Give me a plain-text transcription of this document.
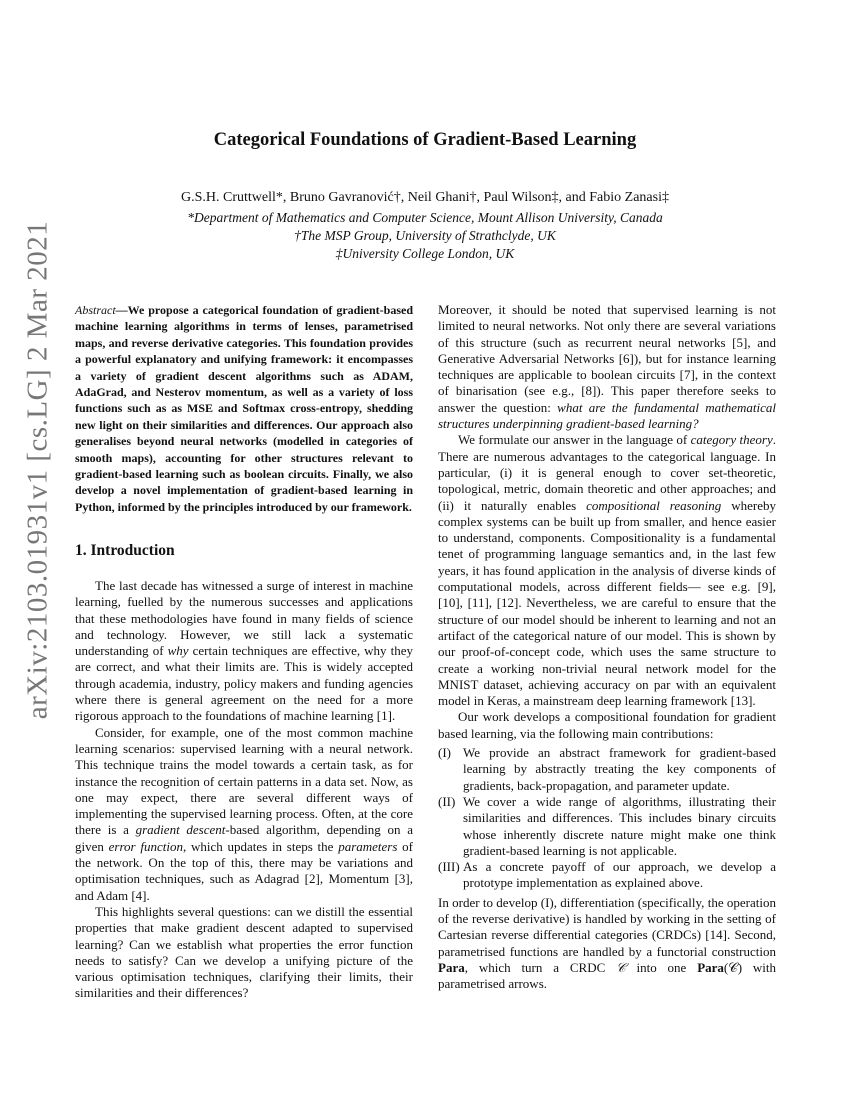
arXiv:2103.01931v1 [cs.LG] 2 Mar 2021
Categorical Foundations of Gradient-Based Learning
G.S.H. Cruttwell*, Bruno Gavranović†, Neil Ghani†, Paul Wilson‡, and Fabio Zanasi‡
*Department of Mathematics and Computer Science, Mount Allison University, Canada
†The MSP Group, University of Strathclyde, UK
‡University College London, UK

Abstract—We propose a categorical foundation of gradient-based machine learning algorithms in terms of lenses, parametrised maps, and reverse derivative categories. This foundation provides a powerful explanatory and unifying framework: it encompasses a variety of gradient descent algorithms such as ADAM, AdaGrad, and Nesterov momentum, as well as a variety of loss functions such as as MSE and Softmax cross-entropy, shedding new light on their similarities and differences. Our approach also generalises beyond neural networks (modelled in categories of smooth maps), accounting for other structures relevant to gradient-based learning such as boolean circuits. Finally, we also develop a novel implementation of gradient-based learning in Python, informed by the principles introduced by our framework.

1. Introduction

The last decade has witnessed a surge of interest in machine learning, fuelled by the numerous successes and applications that these methodologies have found in many fields of science and technology. However, we still lack a systematic understanding of why certain techniques are effective, why they are correct, and what their limits are. This is widely accepted through academia, industry, policy makers and funding agencies where there is general agreement on the need for a more rigorous approach to the foundations of machine learning [1].

Consider, for example, one of the most common machine learning scenarios: supervised learning with a neural network. This technique trains the model towards a certain task, as for instance the recognition of certain patterns in a data set. Now, as one may expect, there are several different ways of implementing the supervised learning process. Often, at the core there is a gradient descent-based algorithm, depending on a given error function, which updates in steps the parameters of the network. On the top of this, there may be variations and optimisation techniques, such as Adagrad [2], Momentum [3], and Adam [4].

This highlights several questions: can we distill the essential properties that make gradient descent adapted to supervised learning? Can we establish what properties the error function needs to satisfy? Can we develop a unifying picture of the various optimisation techniques, clarifying their limits, their similarities and their differences?

Moreover, it should be noted that supervised learning is not limited to neural networks. Not only there are several variations of this structure (such as recurrent neural networks [5], and Generative Adversarial Networks [6]), but for instance learning techniques are applicable to boolean circuits [7], in the context of binarisation (see e.g., [8]). This paper therefore seeks to answer the question: what are the fundamental mathematical structures underpinning gradient-based learning?

We formulate our answer in the language of category theory. There are numerous advantages to the categorical language. In particular, (i) it is general enough to cover set-theoretic, topological, metric, domain theoretic and other approaches; and (ii) it naturally enables compositional reasoning whereby complex systems can be built up from smaller, and hence easier to understand, components. Compositionality is a fundamental tenet of programming language semantics and, in the last few years, it has found application in the analysis of diverse kinds of computational models, across different fields— see e.g. [9], [10], [11], [12]. Nevertheless, we are careful to ensure that the structure of our model should be inherent to learning and not an artifact of the categorical nature of our model. This is shown by our proof-of-concept code, which uses the same structure to create a working non-trivial neural network model for the MNIST dataset, achieving accuracy on par with an equivalent model in Keras, a mainstream deep learning framework [13].

Our work develops a compositional foundation for gradient based learning, via the following main contributions:

(I) We provide an abstract framework for gradient-based learning by abstractly treating the key components of gradients, back-propagation, and parameter update.
(II) We cover a wide range of algorithms, illustrating their similarities and differences. This includes binary circuits whose inherently discrete nature might make one think gradient-based learning is not applicable.
(III) As a concrete payoff of our approach, we develop a prototype implementation as explained above.

In order to develop (I), differentiation (specifically, the operation of the reverse derivative) is handled by working in the setting of Cartesian reverse differential categories (CRDCs) [14]. Second, parametrised functions are handled by a functorial construction Para, which turn a CRDC 𝒞 into one Para(𝒞) with parametrised arrows.
